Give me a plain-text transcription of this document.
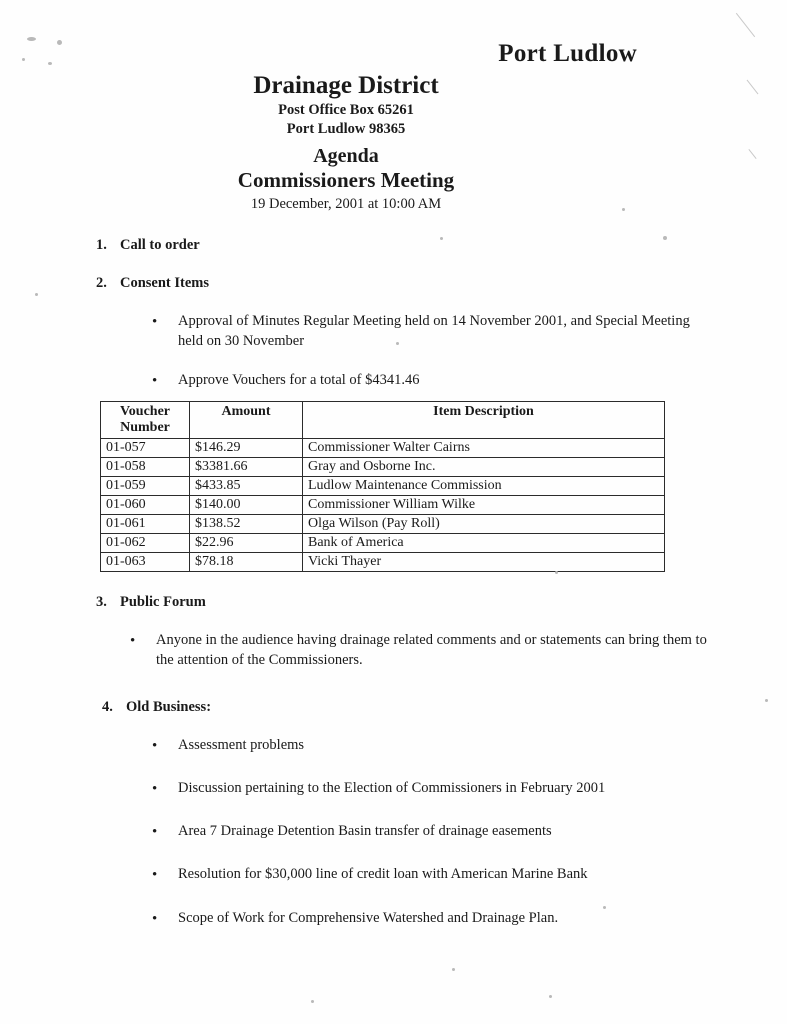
Port Ludlow
Drainage District
Post Office Box 65261
Port Ludlow 98365
Agenda
Commissioners Meeting
19 December, 2001 at 10:00 AM
1. Call to order
2. Consent Items
•	Approval of Minutes Regular Meeting held on 14 November 2001, and Special Meeting held on 30 November
•	Approve Vouchers for a total of $4341.46
Voucher
Number	Amount	Item Description
01-057	$146.29	Commissioner Walter Cairns
01-058	$3381.66	Gray and Osborne Inc.
01-059	$433.85	Ludlow Maintenance Commission
01-060	$140.00	Commissioner William Wilke
01-061	$138.52	Olga Wilson (Pay Roll)
01-062	$22.96	Bank of America
01-063	$78.18	Vicki Thayer
3. Public Forum
•	Anyone in the audience having drainage related comments and or statements can bring them to the attention of the Commissioners.
4. Old Business:
•	Assessment problems
•	Discussion pertaining to the Election of Commissioners in February 2001
•	Area 7 Drainage Detention Basin transfer of drainage easements
•	Resolution for $30,000 line of credit loan with American Marine Bank
•	Scope of Work for Comprehensive Watershed and Drainage Plan.
